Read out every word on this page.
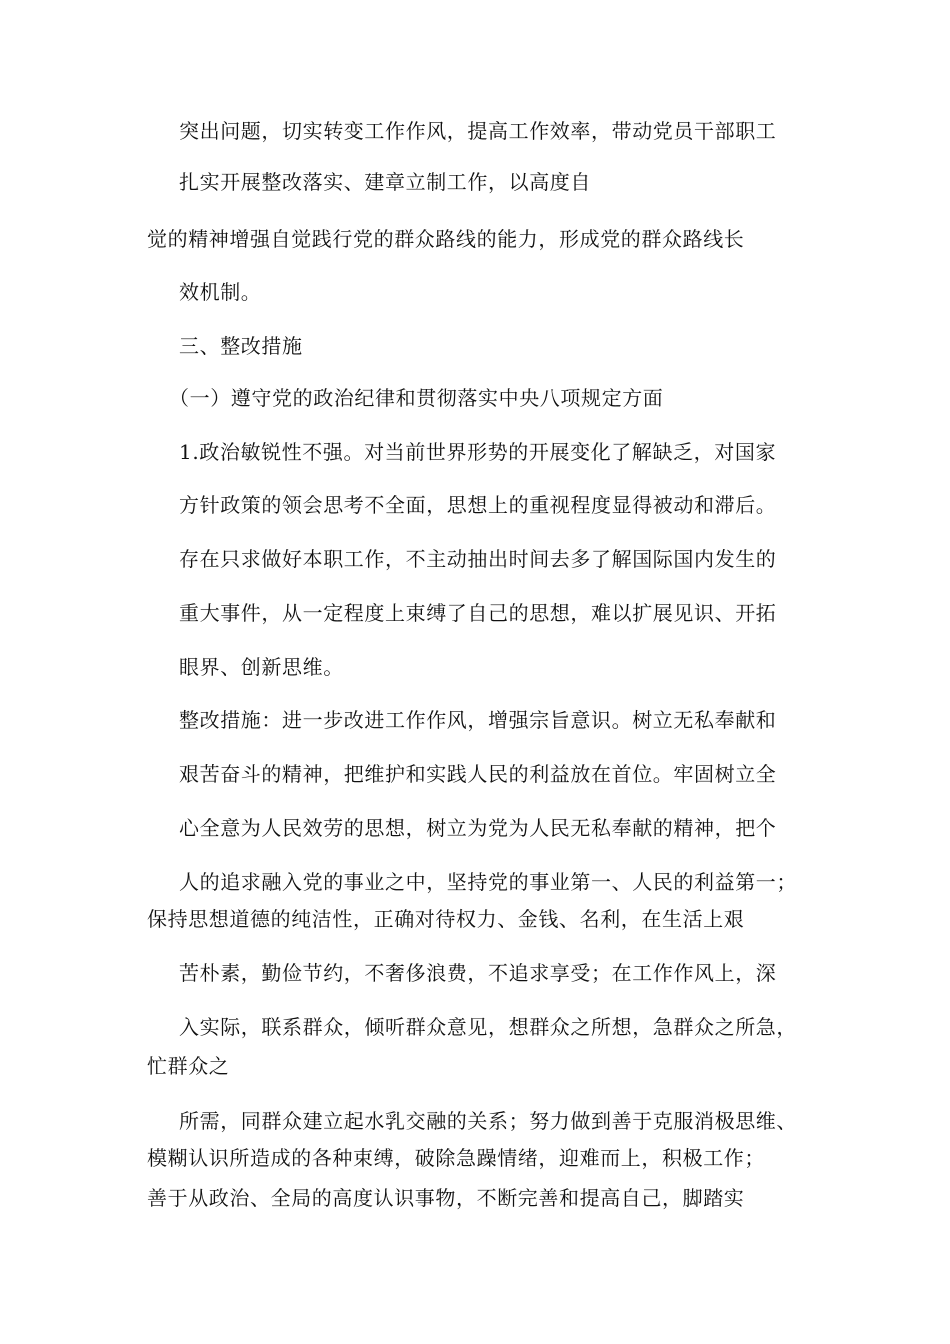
突出问题，切实转变工作作风，提高工作效率，带动党员干部职工

扎实开展整改落实、建章立制工作，以高度自

觉的精神增强自觉践行党的群众路线的能力，形成党的群众路线长

效机制。

三、整改措施

（一）遵守党的政治纪律和贯彻落实中央八项规定方面

1.政治敏锐性不强。对当前世界形势的开展变化了解缺乏，对国家

方针政策的领会思考不全面，思想上的重视程度显得被动和滞后。

存在只求做好本职工作，不主动抽出时间去多了解国际国内发生的

重大事件，从一定程度上束缚了自己的思想，难以扩展见识、开拓

眼界、创新思维。

整改措施：进一步改进工作作风，增强宗旨意识。树立无私奉献和

艰苦奋斗的精神，把维护和实践人民的利益放在首位。牢固树立全

心全意为人民效劳的思想，树立为党为人民无私奉献的精神，把个

人的追求融入党的事业之中，坚持党的事业第一、人民的利益第一；

保持思想道德的纯洁性，正确对待权力、金钱、名利，在生活上艰

苦朴素，勤俭节约，不奢侈浪费，不追求享受；在工作作风上，深

入实际，联系群众，倾听群众意见，想群众之所想，急群众之所急，

忙群众之

所需，同群众建立起水乳交融的关系；努力做到善于克服消极思维、

模糊认识所造成的各种束缚，破除急躁情绪，迎难而上，积极工作；

善于从政治、全局的高度认识事物，不断完善和提高自己，脚踏实
